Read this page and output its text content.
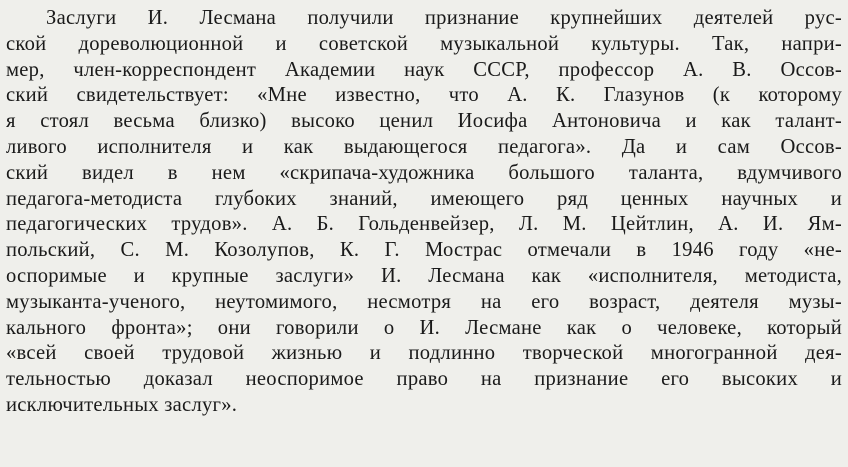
Заслуги И. Лесмана получили признание крупнейших деятелей рус-
ской дореволюционной и советской музыкальной культуры. Так, напри-
мер, член-корреспондент Академии наук СССР, профессор А. В. Оссов-
ский свидетельствует: «Мне известно, что А. К. Глазунов (к которому
я стоял весьма близко) высоко ценил Иосифа Антоновича и как талант-
ливого исполнителя и как выдающегося педагога». Да и сам Оссов-
ский видел в нем «скрипача-художника большого таланта, вдумчивого
педагога-методиста глубоких знаний, имеющего ряд ценных научных и
педагогических трудов». А. Б. Гольденвейзер, Л. М. Цейтлин, А. И. Ям-
польский, С. М. Козолупов, К. Г. Мострас отмечали в 1946 году «не-
оспоримые и крупные заслуги» И. Лесмана как «исполнителя, методиста,
музыканта-ученого, неутомимого, несмотря на его возраст, деятеля музы-
кального фронта»; они говорили о И. Лесмане как о человеке, который
«всей своей трудовой жизнью и подлинно творческой многогранной дея-
тельностью доказал неоспоримое право на признание его высоких и
исключительных заслуг».
